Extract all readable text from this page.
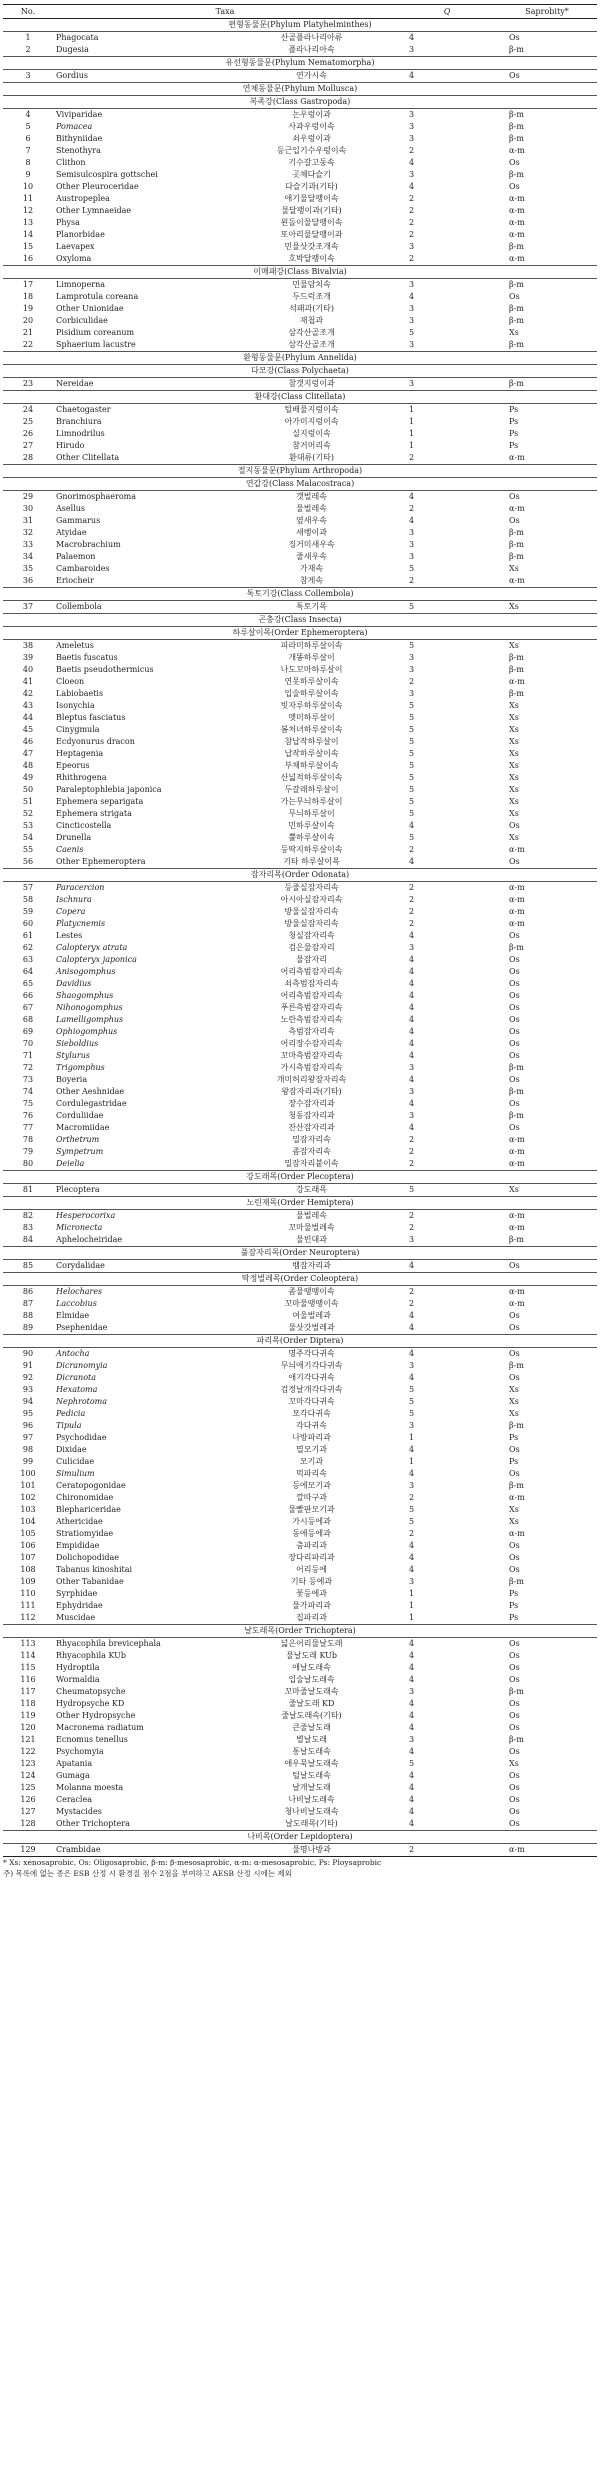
No.	Taxa		Q	Saprobity*
편형동물문(Phylum Platyhelminthes)				
1	Phagocata	산골플라나리아류	4	Os
2	Dugesia	플라나리아속	3	β-m
유선형동물문(Phylum Nematomorpha)				
3	Gordius	연가시속	4	Os
연체동물문(Phylum Mollusca)				
복족강(Class Gastropoda)				
4	Viviparidae	논우렁이과	3	β-m
5	Pomacea	사과우렁이속	3	β-m
6	Bithyniidae	쇠우렁이과	3	β-m
7	Stenothyra	등근입기수우렁이속	2	α-m
8	Clithon	기수갈고둥속	4	Os
9	Semisulcospira gottschei	곳체다슬기	3	β-m
10	Other Pleuroceridae	다슬기과(기타)	4	Os
11	Austropeplea	애기물달팽이속	2	α-m
12	Other Lymnaeidae	물달팽이과(기타)	2	α-m
13	Physa	왼돌이물달팽이속	2	α-m
14	Planorbidae	또아리물달팽이과	2	α-m
15	Laevapex	민물삿갓조개속	3	β-m
16	Oxyloma	호박달팽이속	2	α-m
이매패강(Class Bivalvia)				
17	Limnoperna	민물담치속	3	β-m
18	Lamprotula coreana	두드럭조개	4	Os
19	Other Unionidae	석패과(기타)	3	β-m
20	Corbiculidae	재첩과	3	β-m
21	Pisidium coreanum	삼각산골조개	5	Xs
22	Sphaerium lacustre	삼각산골조개	3	β-m
환형동물문(Phylum Annelida)				
다모강(Class Polychaeta)				
23	Nereidae	참갯지렁이과	3	β-m
환대강(Class Clitellata)				
24	Chaetogaster	털배물지렁이속	1	Ps
25	Branchiura	아가미지렁이속	1	Ps
26	Limnodrilus	실지렁이속	1	Ps
27	Hirudo	참거머리속	1	Ps
28	Other Clitellata	환대류(기타)	2	α-m
절지동물문(Phylum Arthropoda)				
연갑강(Class Malacostraca)				
29	Gnorimosphaeroma	갯벌레속	4	Os
30	Asellus	물벌레속	2	α-m
31	Gammarus	옆새우속	4	Os
32	Atyidae	새뱅이과	3	β-m
33	Macrobrachium	징거미새우속	3	β-m
34	Palaemon	줄새우속	3	β-m
35	Cambaroides	가재속	5	Xs
36	Eriocheir	참게속	2	α-m
톡토기강(Class Collembola)				
37	Collembola	톡토기목	5	Xs
곤충강(Class Insecta)				
하루살이목(Order Ephemeroptera)				
38	Ameletus	피라미하루살이속	5	Xs
39	Baetis fuscatus	개똥하루살이	3	β-m
40	Baetis pseudothermicus	나도꼬마하루살이	3	β-m
41	Cloeon	연못하루살이속	2	α-m
42	Labiobaetis	입술하루살이속	3	β-m
43	Isonychia	빗자루하루살이속	5	Xs
44	Bleptus fasciatus	멧미하루살이	5	Xs
45	Cinygmula	봄처녀하루살이속	5	Xs
46	Ecdyonurus dracon	참납작하루살이	5	Xs
47	Heptagenia	납작하루살이속	5	Xs
48	Epeorus	부채하루살이속	5	Xs
49	Rhithrogena	산넓적하루살이속	5	Xs
50	Paraleptophlebia japonica	두갈래하루살이	5	Xs
51	Ephemera separigata	가는무늬하루살이	5	Xs
52	Ephemera strigata	무늬하루살이	5	Xs
53	Cincticostella	민하루살이속	4	Os
54	Drunella	뿔하루살이속	5	Xs
55	Caenis	등딱지하루살이속	2	α-m
56	Other Ephemeroptera	기타 하루살이목	4	Os
잠자리목(Order Odonata)				
57	Paracercion	등줄실잠자리속	2	α-m
58	Ischnura	아시아실잠자리속	2	α-m
59	Copera	방울실잠자리속	2	α-m
60	Platycnemis	방울실잠자리속	2	α-m
61	Lestes	청실잠자리속	4	Os
62	Calopteryx atrata	검은물잠자리	3	β-m
63	Calopteryx japonica	물잠자리	4	Os
64	Anisogomphus	어리측범잠자리속	4	Os
65	Davidius	쇠측범잠자리속	4	Os
66	Shaogomphus	어리측범잠자리속	4	Os
67	Nihonogomphus	푸른측범잠자리속	4	Os
68	Lamelligomphus	노란측범잠자리속	4	Os
69	Ophiogomphus	측범잠자리속	4	Os
70	Sieboldius	어리장수잠자리속	4	Os
71	Stylurus	꼬마측범잠자리속	4	Os
72	Trigomphus	가시측범잠자리속	3	β-m
73	Boyeria	개미허리왕잠자리속	4	Os
74	Other Aeshnidae	왕잠자리과(기타)	3	β-m
75	Cordulegastridae	장수잠자리과	4	Os
76	Corduliidae	청동잠자리과	3	β-m
77	Macromiidae	잔산잠자리과	4	Os
78	Orthetrum	밀잠자리속	2	α-m
79	Sympetrum	좀잠자리속	2	α-m
80	Deielia	밀잠자리붙이속	2	α-m
강도래목(Order Plecoptera)				
81	Plecoptera	강도래목	5	Xs
노린재목(Order Hemiptera)				
82	Hesperocorixa	물벌레속	2	α-m
83	Micronecta	꼬마물벌레속	2	α-m
84	Aphelocheiridae	물빈대과	3	β-m
풀잠자리목(Order Neuroptera)				
85	Corydalidae	뱀잠자리과	4	Os
딱정벌레목(Order Coleoptera)				
86	Helochares	좀물땡땡이속	2	α-m
87	Laccobius	꼬마물땡땡이속	2	α-m
88	Elmidae	여울벌레과	4	Os
89	Psephenidae	물삿갓벌레과	4	Os
파리목(Order Diptera)				
90	Antocha	명주각다귀속	4	Os
91	Dicranomyia	무늬애기각다귀속	3	β-m
92	Dicranota	애기각다귀속	4	Os
93	Hexatoma	검정날개각다귀속	5	Xs
94	Nephrotoma	꼬마각다귀속	5	Xs
95	Pedicia	모각다귀속	5	Xs
96	Tipula	각다귀속	3	β-m
97	Psychodidae	나방파리과	1	Ps
98	Dixidae	멸모기과	4	Os
99	Culicidae	모기과	1	Ps
100	Simulium	먹파리속	4	Os
101	Ceratopogonidae	등에모기과	3	β-m
102	Chironomidae	깔따구과	2	α-m
103	Blephariceridae	물빨판모기과	5	Xs
104	Athericidae	가시등에과	5	Xs
105	Stratiomyidae	동애등에과	2	α-m
106	Empididae	춤파리과	4	Os
107	Dolichopodidae	장다리파리과	4	Os
108	Tabanus kinoshitai	어리등에	4	Os
109	Other Tabanidae	기타 등에과	3	β-m
110	Syrphidae	꽃등에과	1	Ps
111	Ephydridae	물가파리과	1	Ps
112	Muscidae	집파리과	1	Ps
날도래목(Order Trichoptera)				
113	Rhyacophila brevicephala	넓은어리물날도래	4	Os
114	Rhyacophila KUb	물날도래 KUb	4	Os
115	Hydroptila	애날도래속	4	Os
116	Wormaldia	입술날도래속	4	Os
117	Cheumatopsyche	꼬마줄날도래속	3	β-m
118	Hydropsyche KD	줄날도래 KD	4	Os
119	Other Hydropsyche	줄날도래속(기타)	4	Os
120	Macronema radiatum	큰줄날도래	4	Os
121	Ecnomus tenellus	별날도래	3	β-m
122	Psychomyia	통날도래속	4	Os
123	Apatania	애우묵날도래속	5	Xs
124	Gumaga	털날도래속	4	Os
125	Molanna moesta	날개날도래	4	Os
126	Ceraclea	나비날도래속	4	Os
127	Mystacides	청나비날도래속	4	Os
128	Other Trichoptera	날도래목(기타)	4	Os
나비목(Order Lepidoptera)				
129	Crambidae	물명나방과	2	α-m
* Xs: xenosaprobic, Os: Oligosaprobic, β-m: β-mesosaprobic, α-m: α-mesosaprobic, Ps: Ploysaprobic
주) 목록에 없는 종은 ESB 산정 시 환경질 점수 2점을 부여하고 AESB 산정 시에는 제외
